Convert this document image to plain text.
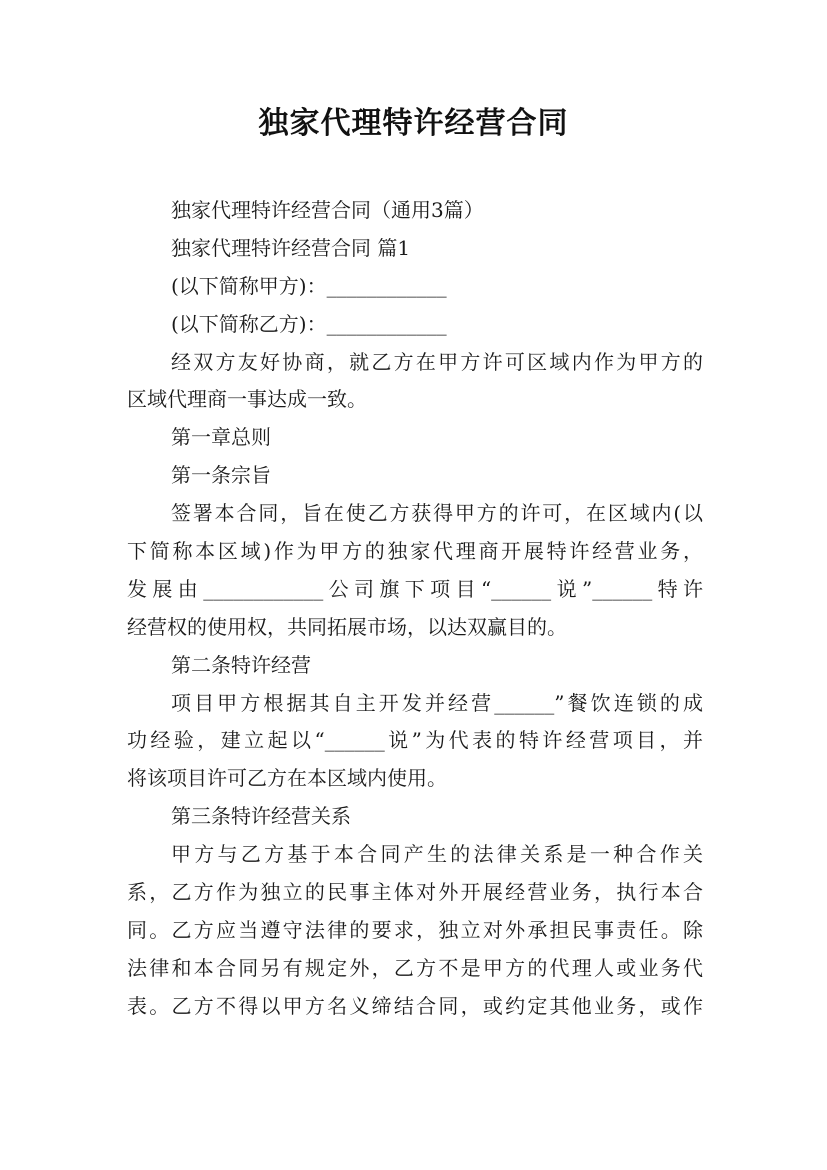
独家代理特许经营合同
独家代理特许经营合同（通用3篇）
独家代理特许经营合同 篇1
(以下简称甲方)：____________
(以下简称乙方)：____________
经双方友好协商，就乙方在甲方许可区域内作为甲方的
区域代理商一事达成一致。
第一章总则
第一条宗旨
签署本合同，旨在使乙方获得甲方的许可，在区域内(以
下简称本区域)作为甲方的独家代理商开展特许经营业务，
发展由____________公司旗下项目“______说”______特许
经营权的使用权，共同拓展市场，以达双赢目的。
第二条特许经营
项目甲方根据其自主开发并经营______”餐饮连锁的成
功经验，建立起以“______说”为代表的特许经营项目，并
将该项目许可乙方在本区域内使用。
第三条特许经营关系
甲方与乙方基于本合同产生的法律关系是一种合作关
系，乙方作为独立的民事主体对外开展经营业务，执行本合
同。乙方应当遵守法律的要求，独立对外承担民事责任。除
法律和本合同另有规定外，乙方不是甲方的代理人或业务代
表。乙方不得以甲方名义缔结合同，或约定其他业务，或作
